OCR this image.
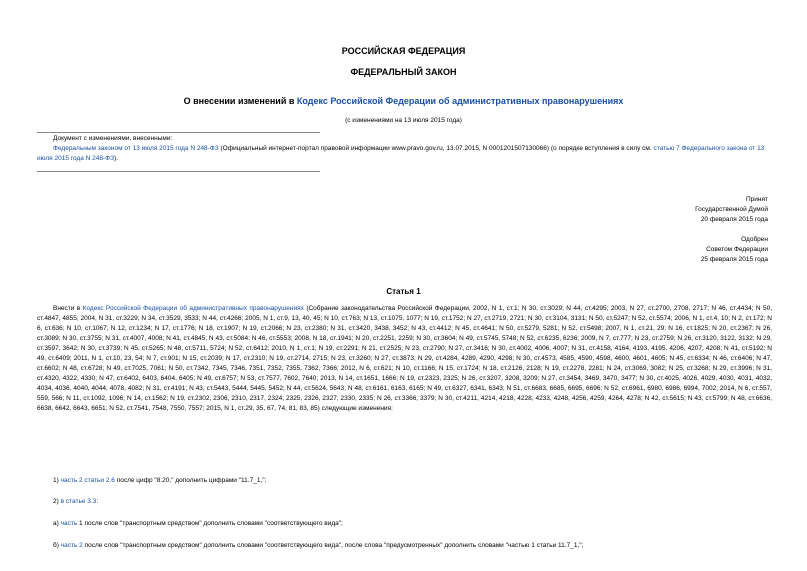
РОССИЙСКАЯ ФЕДЕРАЦИЯ
ФЕДЕРАЛЬНЫЙ ЗАКОН
О внесении изменений в Кодекс Российской Федерации об административных правонарушениях
(с изменениями на 13 июля 2015 года)
Документ с изменениями, внесенными:
Федеральным законом от 13 июля 2015 года N 248-ФЗ (Официальный интернет-портал правовой информации www.pravo.gov.ru, 13.07.2015, N 0001201507130066) (о порядке вступления в силу см. статью 7 Федерального закона от 13 июля 2015 года N 248-ФЗ).
Принят
Государственной Думой
20 февраля 2015 года
Одобрен
Советом Федерации
25 февраля 2015 года
Статья 1
Внести в Кодекс Российской Федерации об административных правонарушениях (Собрание законодательства Российской Федерации, 2002, N 1, ст.1; N 30, ст.3029; N 44, ст.4295; 2003, N 27, ст.2700, 2708, 2717; N 46, ст.4434; N 50, ст.4847, 4855; 2004, N 31, ст.3229; N 34, ст.3529, 3533; N 44, ст.4266; 2005, N 1, ст.9, 13, 40, 45; N 10, ст.763; N 13, ст.1075, 1077; N 19, ст.1752; N 27, ст.2719, 2721; N 30, ст.3104, 3131; N 50, ст.5247; N 52, ст.5574; 2006, N 1, ст.4, 10; N 2, ст.172; N 6, ст.636; N 10, ст.1067; N 12, ст.1234; N 17, ст.1776; N 18, ст.1907; N 19, ст.2066; N 23, ст.2380; N 31, ст.3420, 3438, 3452; N 43, ст.4412; N 45, ст.4641; N 50, ст.5279, 5281; N 52, ст.5498; 2007, N 1, ст.21, 29; N 16, ст.1825; N 20, ст.2367; N 26, ст.3089; N 30, ст.3755; N 31, ст.4007, 4008; N 41, ст.4845; N 43, ст.5084; N 46, ст.5553; 2008, N 18, ст.1941; N 20, ст.2251, 2259; N 30, ст.3604; N 49, ст.5745, 5748; N 52, ст.6235, 6236; 2009, N 7, ст.777; N 23, ст.2759; N 26, ст.3120, 3122, 3132; N 29, ст.3597, 3642; N 30, ст.3739; N 45, ст.5265; N 48, ст.5711, 5724; N 52, ст.6412; 2010, N 1, ст.1; N 19, ст.2291; N 21, ст.2525; N 23, ст.2790; N 27, ст.3416; N 30, ст.4002, 4006, 4007; N 31, ст.4158, 4164, 4193, 4195, 4206, 4207, 4208; N 41, ст.5192; N 49, ст.6409; 2011, N 1, ст.10, 23, 54; N 7, ст.901; N 15, ст.2039; N 17, ст.2310; N 19, ст.2714, 2715; N 23, ст.3260; N 27, ст.3873; N 29, ст.4284, 4289, 4290, 4298; N 30, ст.4573, 4585, 4590, 4598, 4600, 4601, 4605; N 45, ст.6334; N 46, ст.6406; N 47, ст.6602; N 48, ст.6728; N 49, ст.7025, 7061; N 50, ст.7342, 7345, 7346, 7351, 7352, 7355, 7362, 7366; 2012, N 6, ст.621; N 10, ст.1166; N 15, ст.1724; N 18, ст.2126, 2128; N 19, ст.2278, 2281; N 24, ст.3069, 3082; N 25, ст.3268; N 29, ст.3996; N 31, ст.4320, 4322, 4330; N 47, ст.6402, 6403, 6404, 6405; N 49, ст.6757; N 53, ст.7577, 7602, 7640; 2013, N 14, ст.1651, 1666; N 19, ст.2323, 2325; N 26, ст.3207, 3208, 3209; N 27, ст.3454, 3469, 3470, 3477; N 30, ст.4025, 4026, 4029, 4030, 4031, 4032, 4034, 4036, 4040, 4044, 4078, 4082; N 31, ст.4191; N 43, ст.5443, 5444, 5445, 5452; N 44, ст.5624, 5643; N 48, ст.6161, 6163, 6165; N 49, ст.6327, 6341, 6343; N 51, ст.6683, 6685, 6695, 6696; N 52, ст.6961, 6980, 6986, 6994, 7002; 2014, N 6, ст.557, 559, 566; N 11, ст.1092, 1096; N 14, ст.1562; N 19, ст.2302, 2306, 2310, 2317, 2324, 2325, 2326, 2327, 2330, 2335; N 26, ст.3366, 3379; N 30, ст.4211, 4214, 4218, 4228, 4233, 4248, 4256, 4259, 4264, 4278; N 42, ст.5615; N 43, ст.5799; N 48, ст.6636, 6638, 6642, 6643, 6651; N 52, ст.7541, 7548, 7550, 7557; 2015, N 1, ст.29, 35, 67, 74, 81, 83, 85) следующие изменения:
1) часть 2 статьи 2.6 после цифр "8.20," дополнить цифрами "11.7_1,";
2) в статье 3.3:
а) часть 1 после слов "транспортным средством" дополнить словами "соответствующего вида";
б) часть 2 после слов "транспортным средством" дополнить словами "соответствующего вида", после слова "предусмотренных" дополнить словами "частью 1 статьи 11.7_1,";
